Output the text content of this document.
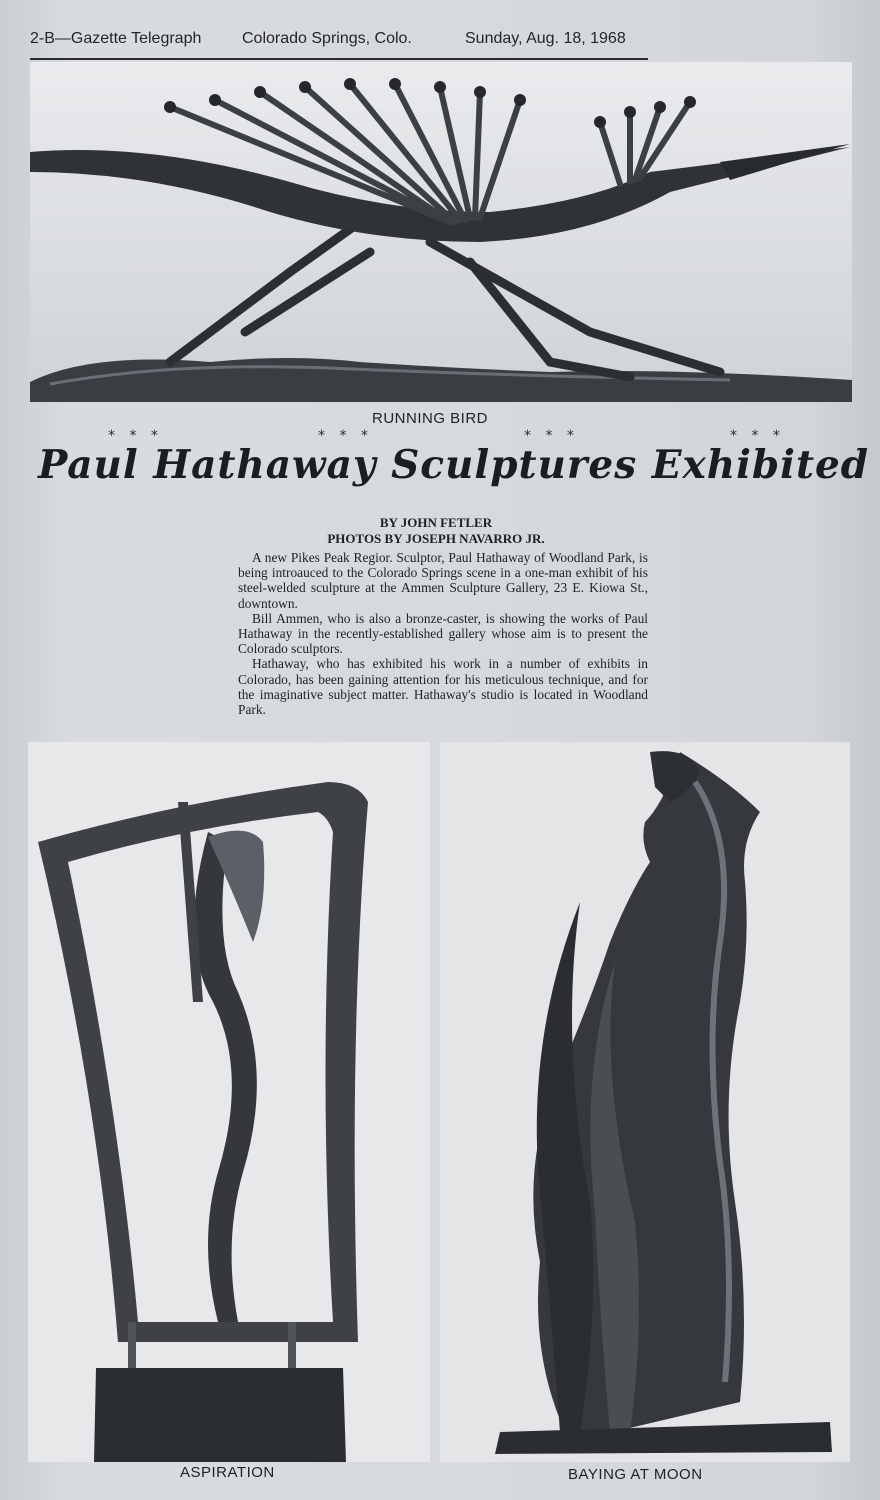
2-B—Gazette Telegraph	Colorado Springs, Colo.	Sunday, Aug. 18, 1968
RUNNING BIRD
* * *	* * *	* * *	* * *
Paul Hathaway Sculptures Exhibited
BY JOHN FETLER
PHOTOS BY JOSEPH NAVARRO JR.

A new Pikes Peak Regior. Sculptor, Paul Hathaway of Woodland Park, is being introauced to the Colorado Springs scene in a one-man exhibit of his steel-welded sculpture at the Ammen Sculpture Gallery, 23 E. Kiowa St., downtown.

Bill Ammen, who is also a bronze-caster, is showing the works of Paul Hathaway in the recently-established gallery whose aim is to present the Colorado sculptors.

Hathaway, who has exhibited his work in a number of exhibits in Colorado, has been gaining attention for his meticulous technique, and for the imaginative subject matter. Hathaway's studio is located in Woodland Park.

ASPIRATION	BAYING AT MOON
